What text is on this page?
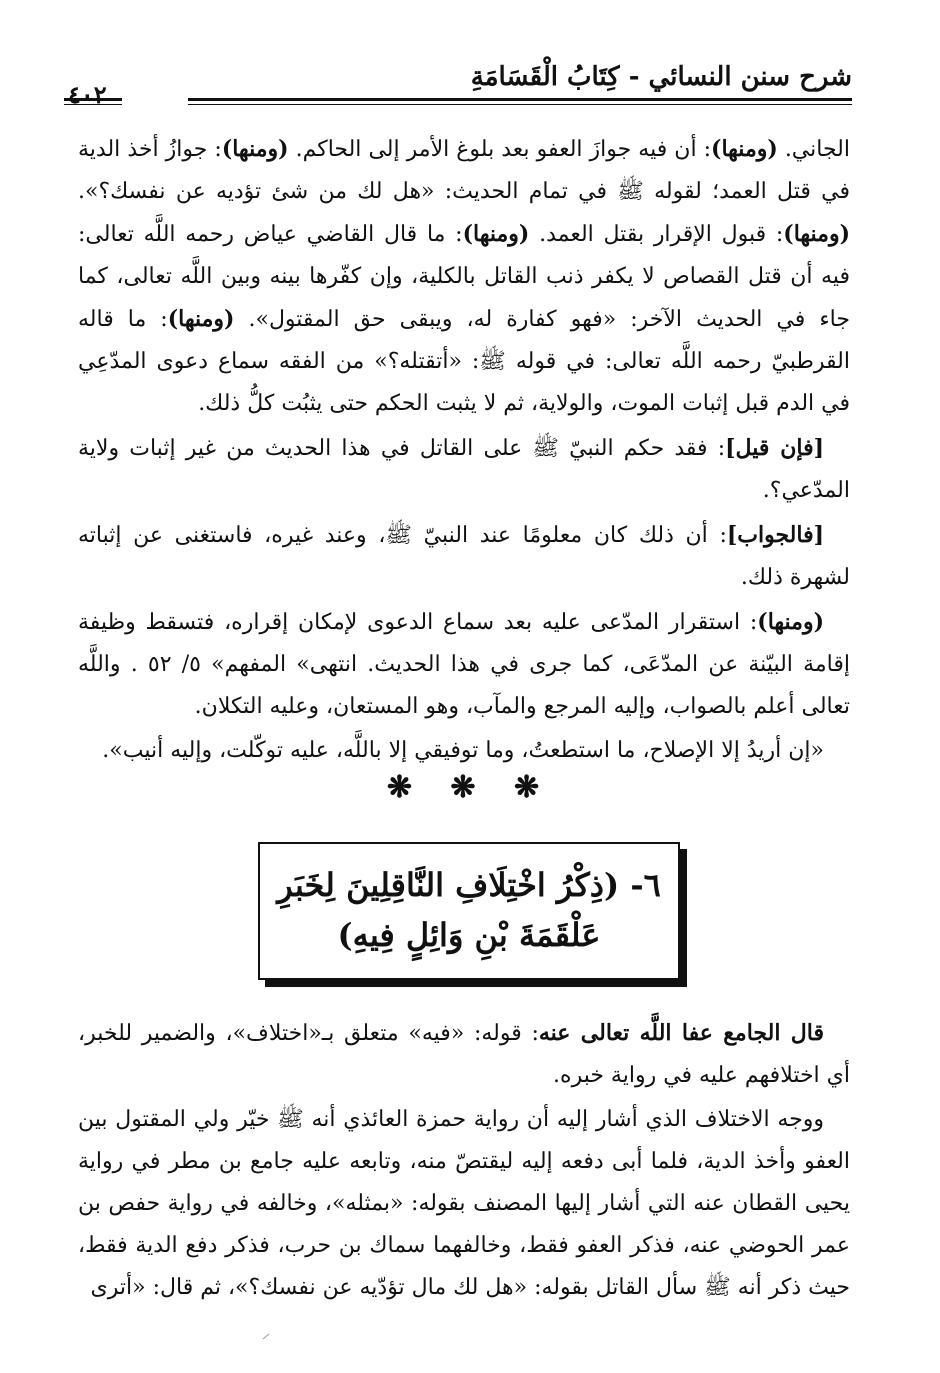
شرح سنن النسائي - كِتَابُ الْقَسَامَةِ
٤٠٢

الجاني. (ومنها): أن فيه جوازَ العفو بعد بلوغ الأمر إلى الحاكم. (ومنها): جوازُ أخذ الدية في قتل العمد؛ لقوله ﷺ في تمام الحديث: «هل لك من شئ تؤديه عن نفسك؟». (ومنها): قبول الإقرار بقتل العمد. (ومنها): ما قال القاضي عياض رحمه اللَّه تعالى: فيه أن قتل القصاص لا يكفر ذنب القاتل بالكلية، وإن كفّرها بينه وبين اللَّه تعالى، كما جاء في الحديث الآخر: «فهو كفارة له، ويبقى حق المقتول». (ومنها): ما قاله القرطبيّ رحمه اللَّه تعالى: في قوله ﷺ: «أتقتله؟» من الفقه سماع دعوى المدّعِي في الدم قبل إثبات الموت، والولاية، ثم لا يثبت الحكم حتى يثبُت كلُّ ذلك.

[فإن قيل]: فقد حكم النبيّ ﷺ على القاتل في هذا الحديث من غير إثبات ولاية المدّعي؟.

[فالجواب]: أن ذلك كان معلومًا عند النبيّ ﷺ، وعند غيره، فاستغنى عن إثباته لشهرة ذلك.

(ومنها): استقرار المدّعى عليه بعد سماع الدعوى لإمكان إقراره، فتسقط وظيفة إقامة البيّنة عن المدّعَى، كما جرى في هذا الحديث. انتهى» المفهم» ٥/ ٥٢ . واللَّه تعالى أعلم بالصواب، وإليه المرجع والمآب، وهو المستعان، وعليه التكلان.

«إن أريدُ إلا الإصلاح، ما استطعتُ، وما توفيقي إلا باللَّه، عليه توكّلت، وإليه أنيب».

❋ ❋ ❋
٦- (ذِكْرُ اخْتِلَافِ النَّاقِلِينَ لِخَبَرِ
عَلْقَمَةَ بْنِ وَائِلٍ فِيهِ)

قال الجامع عفا اللَّه تعالى عنه: قوله: «فيه» متعلق بـ«اختلاف»، والضمير للخبر، أي اختلافهم عليه في رواية خبره.

ووجه الاختلاف الذي أشار إليه أن رواية حمزة العائذي أنه ﷺ خيّر ولي المقتول بين العفو وأخذ الدية، فلما أبى دفعه إليه ليقتصّ منه، وتابعه عليه جامع بن مطر في رواية يحيى القطان عنه التي أشار إليها المصنف بقوله: «بمثله»، وخالفه في رواية حفص بن عمر الحوضي عنه، فذكر العفو فقط، وخالفهما سماك بن حرب، فذكر دفع الدية فقط، حيث ذكر أنه ﷺ سأل القاتل بقوله: «هل لك مال تؤدّيه عن نفسك؟»، ثم قال: «أترى
